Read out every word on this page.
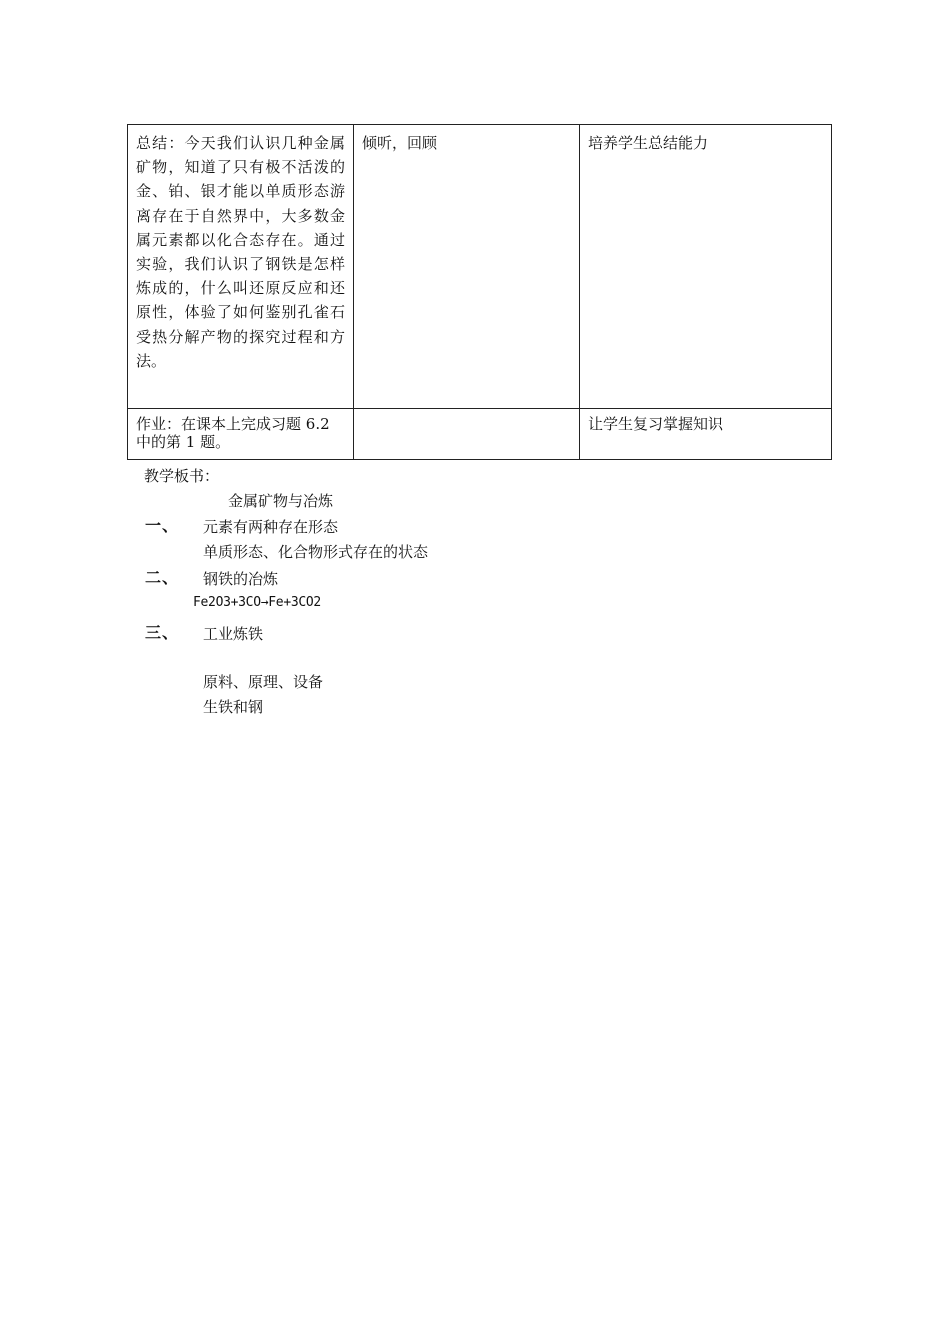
总结：今天我们认识几种金属矿物，知道了只有极不活泼的金、铂、银才能以单质形态游离存在于自然界中，大多数金属元素都以化合态存在。通过实验，我们认识了钢铁是怎样炼成的，什么叫还原反应和还原性，体验了如何鉴别孔雀石受热分解产物的探究过程和方法。	倾听，回顾	培养学生总结能力
作业：在课本上完成习题 6.2 中的第 1 题。		让学生复习掌握知识
教学板书：
金属矿物与冶炼
一、 元素有两种存在形态
单质形态、化合物形式存在的状态
二、 钢铁的冶炼
Fe2O3+3CO→Fe+3CO2
三、 工业炼铁
原料、原理、设备
生铁和钢
